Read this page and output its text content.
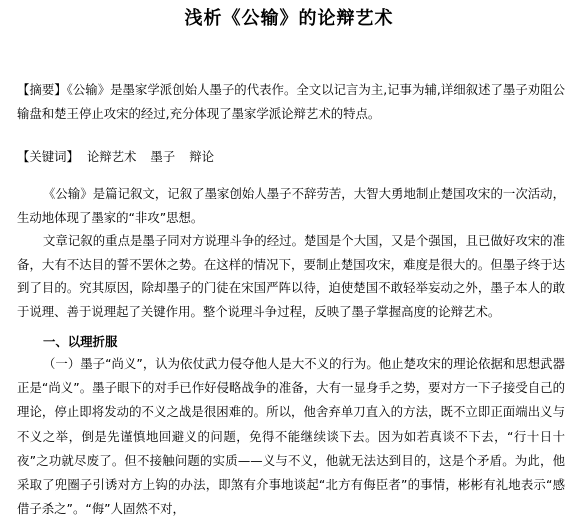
浅析《公输》的论辩艺术

【摘要】《公输》是墨家学派创始人墨子的代表作。全文以记言为主,记事为辅,详细叙述了墨子劝阻公输盘和楚王停止攻宋的经过,充分体现了墨家学派论辩艺术的特点。

【关键词】 论辩艺术 墨子 辩论

《公输》是篇记叙文，记叙了墨家创始人墨子不辞劳苦，大智大勇地制止楚国攻宋的一次活动，生动地体现了墨家的“非攻”思想。
文章记叙的重点是墨子同对方说理斗争的经过。楚国是个大国，又是个强国，且已做好攻宋的准备，大有不达目的誓不罢休之势。在这样的情况下，要制止楚国攻宋，难度是很大的。但墨子终于达到了目的。究其原因，除却墨子的门徒在宋国严阵以待，迫使楚国不敢轻举妄动之外，墨子本人的敢于说理、善于说理起了关键作用。整个说理斗争过程，反映了墨子掌握高度的论辩艺术。

一、以理折服

（一）墨子“尚义”，认为依仗武力侵夺他人是大不义的行为。他止楚攻宋的理论依据和思想武器正是“尚义”。墨子眼下的对手已作好侵略战争的准备，大有一显身手之势，要对方一下子接受自己的理论，停止即将发动的不义之战是很困难的。所以，他舍弃单刀直入的方法，既不立即正面端出义与不义之举，倒是先谨慎地回避义的问题，免得不能继续谈下去。因为如若真谈不下去，“行十日十夜”之功就尽废了。但不接触问题的实质——义与不义，他就无法达到目的，这是个矛盾。为此，他采取了兜圈子引诱对方上钩的办法，即煞有介事地谈起“北方有侮臣者”的事情，彬彬有礼地表示“感借子杀之”。“侮”人固然不对，
